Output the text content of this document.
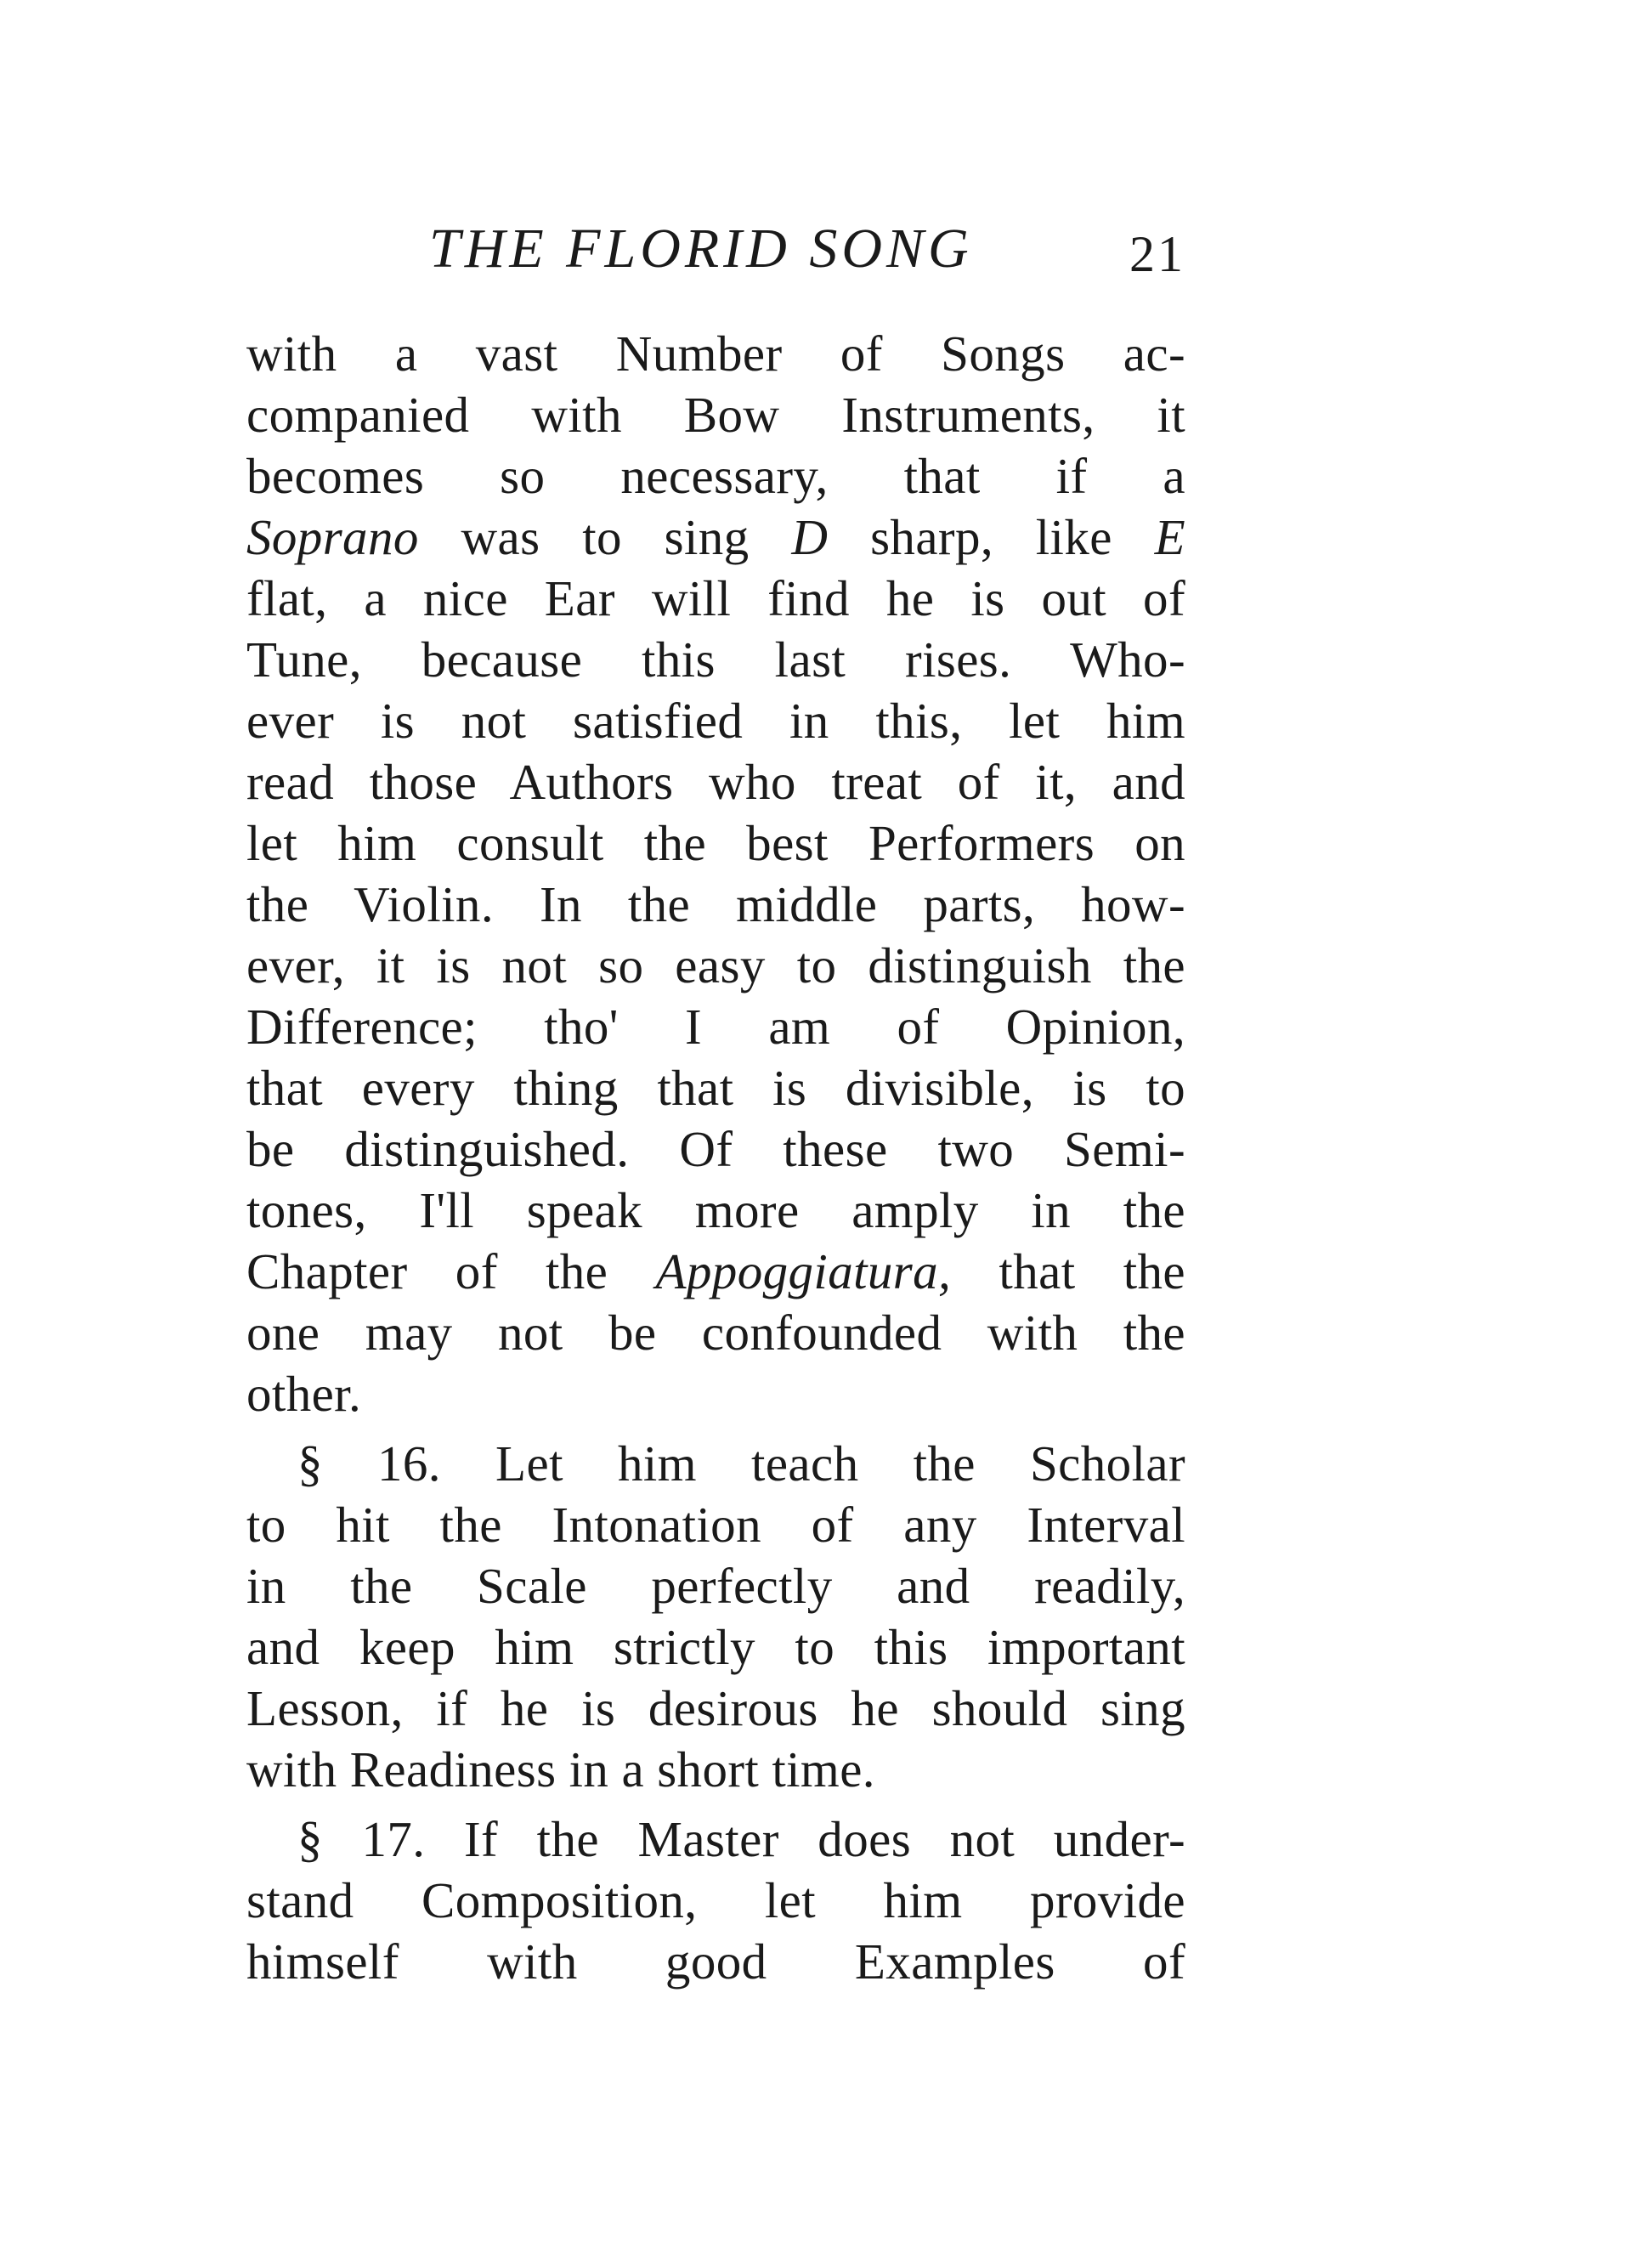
THE FLORID SONG	21
with a vast Number of Songs ac-
companied with Bow Instruments, it
becomes so necessary, that if a
Soprano was to sing D sharp, like E
flat, a nice Ear will find he is out of
Tune, because this last rises. Who-
ever is not satisfied in this, let him
read those Authors who treat of it, and
let him consult the best Performers on
the Violin. In the middle parts, how-
ever, it is not so easy to distinguish the
Difference; tho' I am of Opinion,
that every thing that is divisible, is to
be distinguished. Of these two Semi-
tones, I'll speak more amply in the
Chapter of the Appoggiatura, that the
one may not be confounded with the
other.
§ 16. Let him teach the Scholar
to hit the Intonation of any Interval
in the Scale perfectly and readily,
and keep him strictly to this important
Lesson, if he is desirous he should sing
with Readiness in a short time.
§ 17. If the Master does not under-
stand Composition, let him provide
himself with good Examples of
